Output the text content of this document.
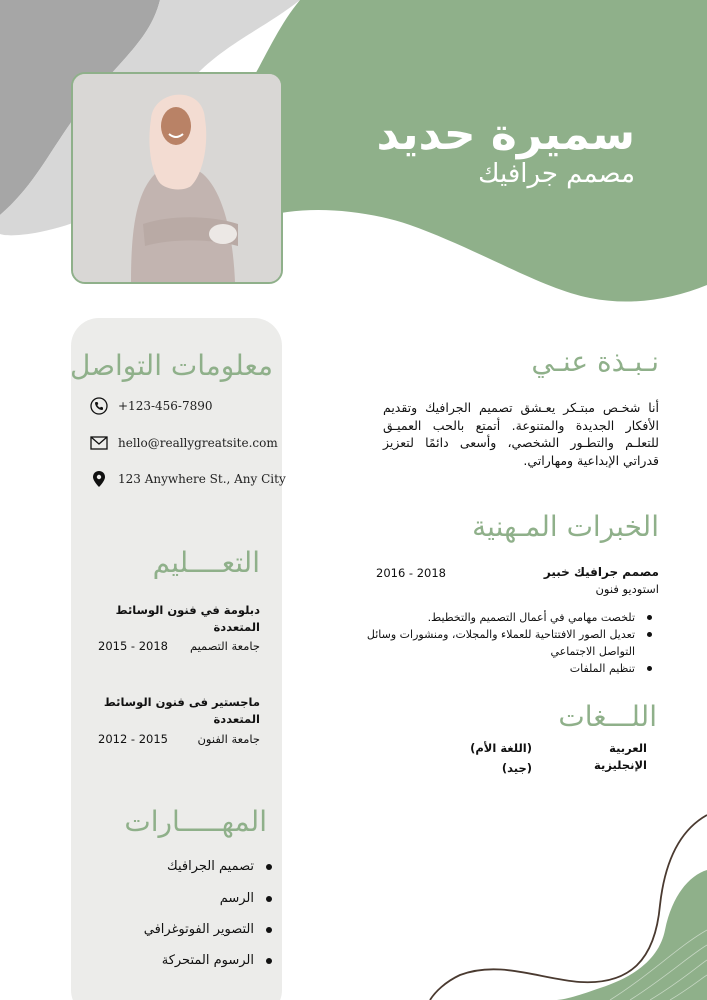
سميرة حديد
مصمم جرافيك
معلومات التواصل
+123-456-7890
hello@reallygreatsite.com
123 Anywhere St., Any City
التعــــليم
دبلومة في فنون الوسائط المتعددة
جامعة التصميم
2015 - 2018
ماجستير فى فنون الوسائط المتعددة
جامعة الفنون
2012 - 2015
المهـــــارات
تصميم الجرافيك
الرسم
التصوير الفوتوغرافي
الرسوم المتحركة
نـبـذة عنـي
أنا شخـص مبتـكر يعـشق تصميم الجرافيك وتقديم الأفكار الجديدة والمتنوعة. أتمتع بالحب العميـق للتعلـم والتطـور الشخصي، وأسعى دائمًا لتعزيز قدراتي الإبداعية ومهاراتي.
الخبرات المـهنية
مصمم جرافيك خبير
2016 - 2018
استوديو فنون
تلخصت مهامي في أعمال التصميم والتخطيط.
تعديل الصور الافتتاحية للعملاء والمجلات، ومنشورات وسائل التواصل الاجتماعي
تنظيم الملفات
اللـــغات
العربية
(اللغة الأم)
الإنجليزية
(جيد)
